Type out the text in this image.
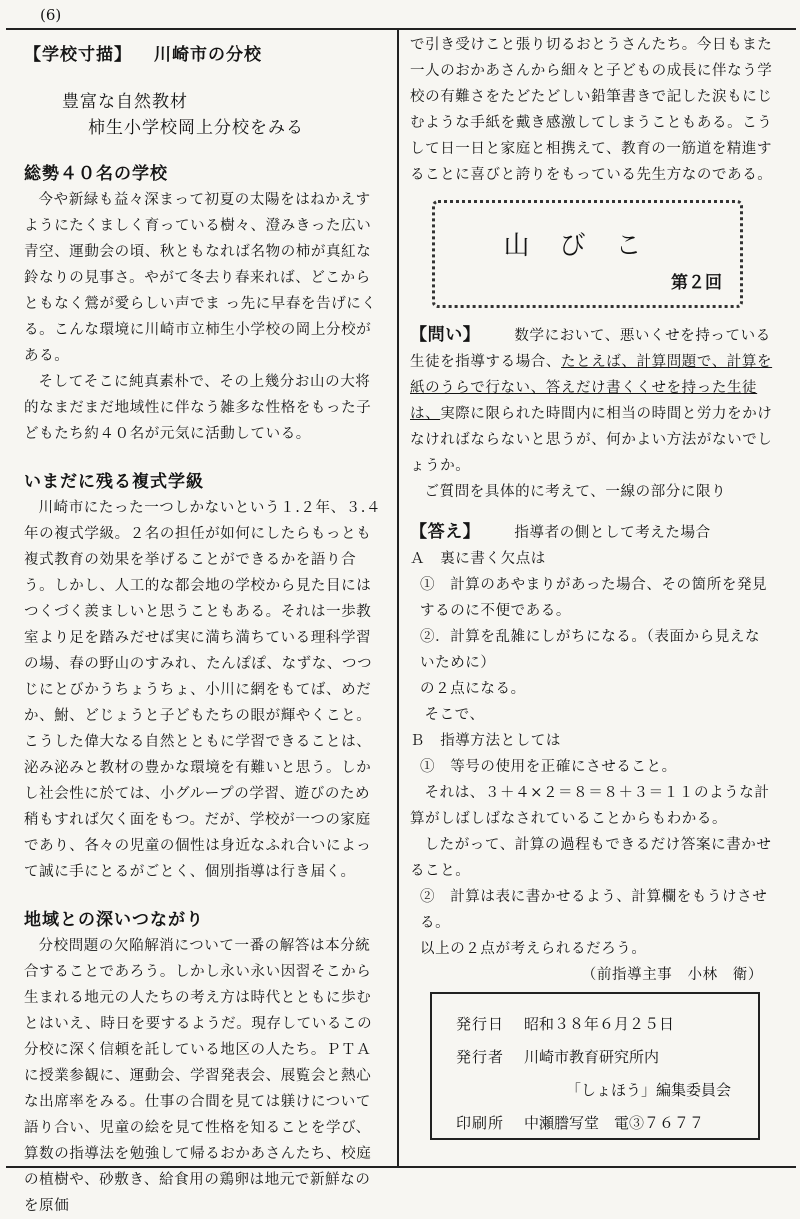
(6)

【学校寸描】 川崎市の分校

豊富な自然教材

柿生小学校岡上分校をみる

総勢４０名の学校

今や新緑も益々深まって初夏の太陽をはねかえすようにたくましく育っている樹々、澄みきった広い青空、運動会の頃、秋ともなれば名物の柿が真紅な鈴なりの見事さ。やがて冬去り春来れば、どこからともなく鶯が愛らしい声でま っ先に早春を告げにくる。こんな環境に川崎市立柿生小学校の岡上分校がある。

そしてそこに純真素朴で、その上幾分お山の大将的なまだまだ地域性に伴なう雑多な性格をもった子どもたち約４０名が元気に活動している。

いまだに残る複式学級

川崎市にたった一つしかないという１.２年、３.４年の複式学級。２名の担任が如何にしたらもっとも複式教育の効果を挙げることができるかを語り合う。しかし、人工的な都会地の学校から見た目にはつくづく羨ましいと思うこともある。それは一歩教室より足を踏みだせば実に満ち満ちている理科学習の場、春の野山のすみれ、たんぽぽ、なずな、つつじにとびかうちょうちょ、小川に網をもてば、めだか、鮒、どじょうと子どもたちの眼が輝やくこと。こうした偉大なる自然とともに学習できることは、泌み泌みと教材の豊かな環境を有難いと思う。しかし社会性に於ては、小グループの学習、遊びのため稍もすれば欠く面をもつ。だが、学校が一つの家庭であり、各々の児童の個性は身近なふれ合いによって誠に手にとるがごとく、個別指導は行き届く。

地域との深いつながり

分校問題の欠陥解消について一番の解答は本分統合することであろう。しかし永い永い因習そこから生まれる地元の人たちの考え方は時代とともに歩むとはいえ、時日を要するようだ。現存しているこの分校に深く信頼を託している地区の人たち。ＰＴＡに授業参観に、運動会、学習発表会、展覧会と熱心な出席率をみる。仕事の合間を見ては躾けについて語り合い、児童の絵を見て性格を知ることを学び、算数の指導法を勉強して帰るおかあさんたち、校庭の植樹や、砂敷き、給食用の鶏卵は地元で新鮮なのを原価

で引き受けこと張り切るおとうさんたち。今日もまた一人のおかあさんから細々と子どもの成長に伴なう学校の有難さをたどたどしい鉛筆書きで記した涙もにじむような手紙を戴き感激してしまうこともある。こうして日一日と家庭と相携えて、教育の一筋道を精進することに喜びと誇りをもっている先生方なのである。

山びこ
第２回

【問い】 数学において、悪いくせを持っている生徒を指導する場合、たとえば、計算問題で、計算を紙のうらで行ない、答えだけ書くくせを持った生徒は、実際に限られた時間内に相当の時間と労力をかけなければならないと思うが、何かよい方法がないでしょうか。

ご質問を具体的に考えて、一線の部分に限り

【答え】 指導者の側として考えた場合

Ａ　裏に書く欠点は

①　計算のあやまりがあった場合、その箇所を発見するのに不便である。

②．計算を乱雑にしがちになる。（表面から見えないために）

の２点になる。

そこで、

Ｂ　指導方法としては

①　等号の使用を正確にさせること。

それは、３＋４×２＝８＝８＋３＝１１のような計算がしばしばなされていることからもわかる。

したがって、計算の過程もできるだけ答案に書かせること。

②　計算は表に書かせるよう、計算欄をもうけさせる。

以上の２点が考えられるだろう。

（前指導主事　小林　衛）

発行日 昭和３８年６月２５日
発行者 川崎市教育研究所内
「しょほう」編集委員会
印刷所 中瀬謄写堂　電③７６７７
